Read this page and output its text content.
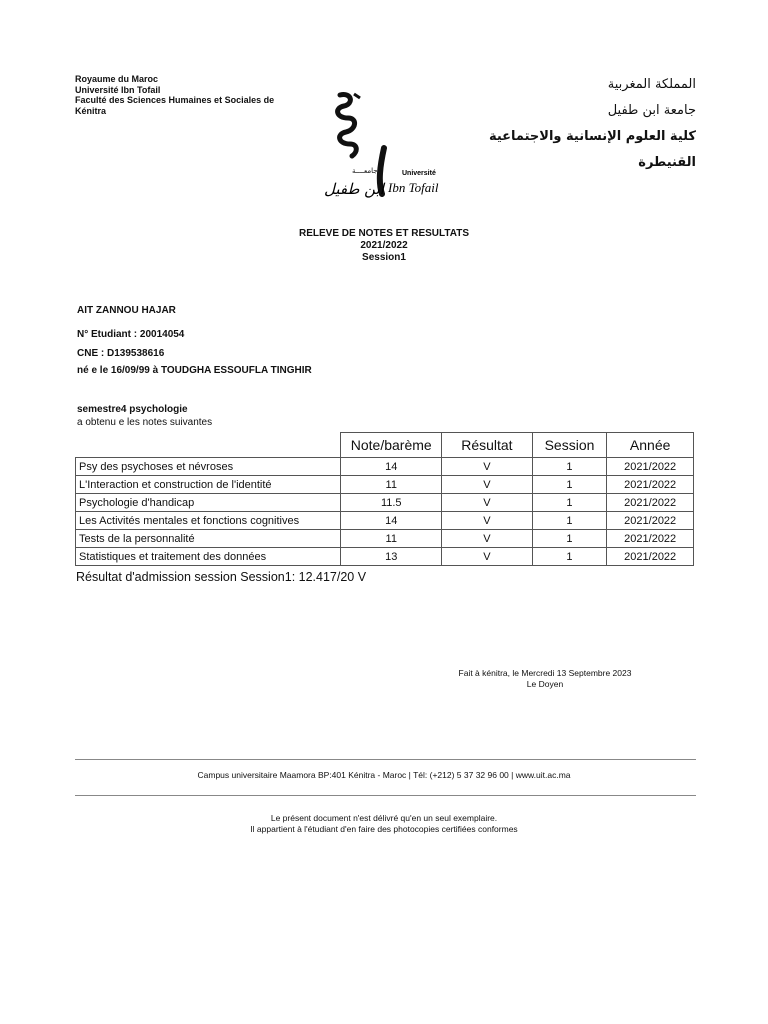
Royaume du Maroc
Université Ibn Tofail
Faculté des Sciences Humaines et Sociales de Kénitra
المملكة المغربية
جامعة ابن طفيل
كلية العلوم الإنسانية والاجتماعية
القنيطرة
جامعــــة
ابن طفيل
Université
Ibn Tofail
RELEVE DE NOTES ET RESULTATS
2021/2022
Session1
AIT ZANNOU HAJAR
N° Etudiant : 20014054
CNE : D139538616
né e le 16/09/99 à TOUDGHA ESSOUFLA TINGHIR
semestre4 psychologie
a obtenu e les notes suivantes
	Note/barème	Résultat	Session	Année
Psy des psychoses et névroses	14	V	1	2021/2022
L'Interaction et construction de l'identité	11	V	1	2021/2022
Psychologie d'handicap	11.5	V	1	2021/2022
Les Activités mentales et fonctions cognitives	14	V	1	2021/2022
Tests de la personnalité	11	V	1	2021/2022
Statistiques et traitement des données	13	V	1	2021/2022
Résultat d'admission session Session1: 12.417/20 V
Fait à kénitra, le Mercredi 13 Septembre 2023
Le Doyen
Campus universitaire Maamora BP:401 Kénitra - Maroc | Tél: (+212) 5 37 32 96 00 | www.uit.ac.ma
Le présent document n'est délivré qu'en un seul exemplaire.
Il appartient à l'étudiant d'en faire des photocopies certifiées conformes
